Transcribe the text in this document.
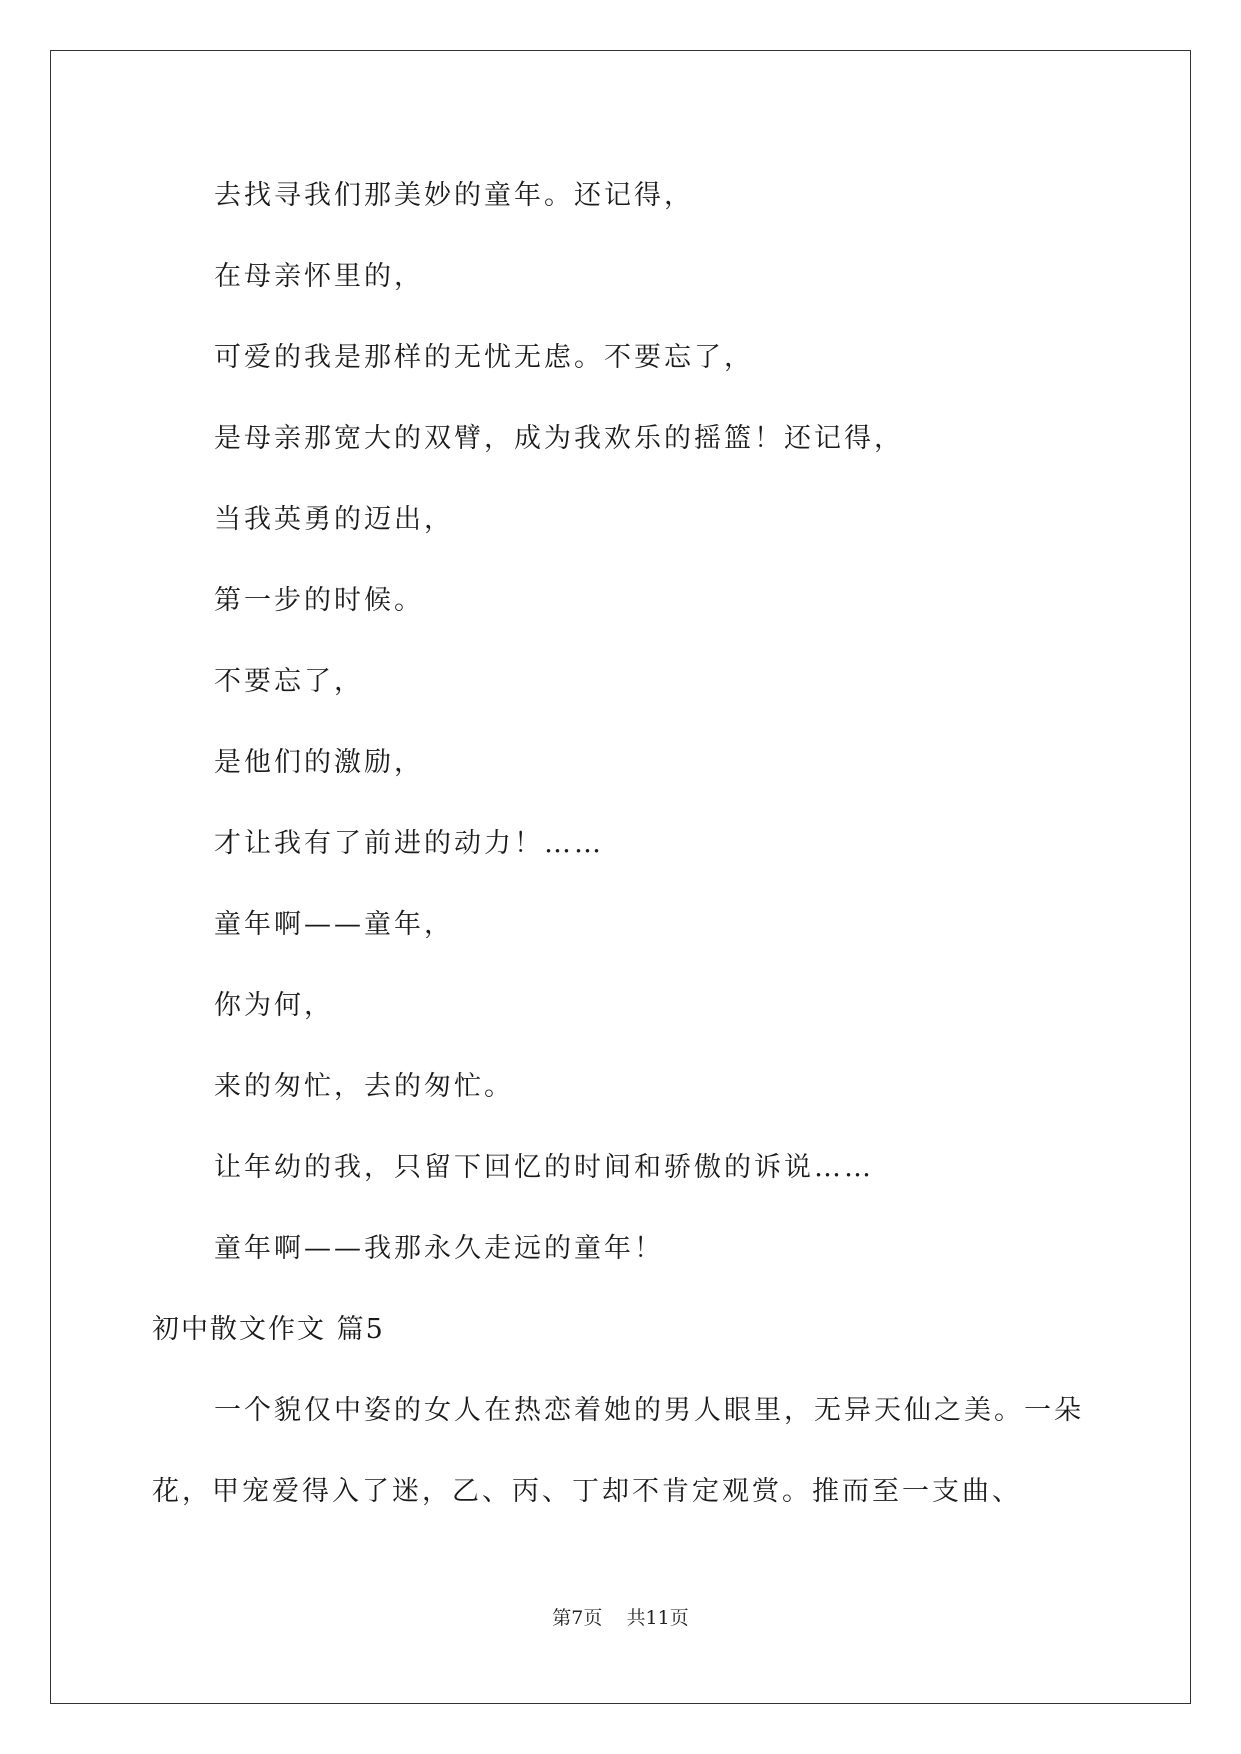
去找寻我们那美妙的童年。还记得，
在母亲怀里的，
可爱的我是那样的无忧无虑。不要忘了，
是母亲那宽大的双臂，成为我欢乐的摇篮！还记得，
当我英勇的迈出，
第一步的时候。
不要忘了，
是他们的激励，
才让我有了前进的动力！……
童年啊——童年，
你为何，
来的匆忙，去的匆忙。
让年幼的我，只留下回忆的时间和骄傲的诉说……
童年啊——我那永久走远的童年！
初中散文作文 篇5
一个貌仅中姿的女人在热恋着她的男人眼里，无异天仙之美。一朵花，甲宠爱得入了迷，乙、丙、丁却不肯定观赏。推而至一支曲、
第7页 共11页
